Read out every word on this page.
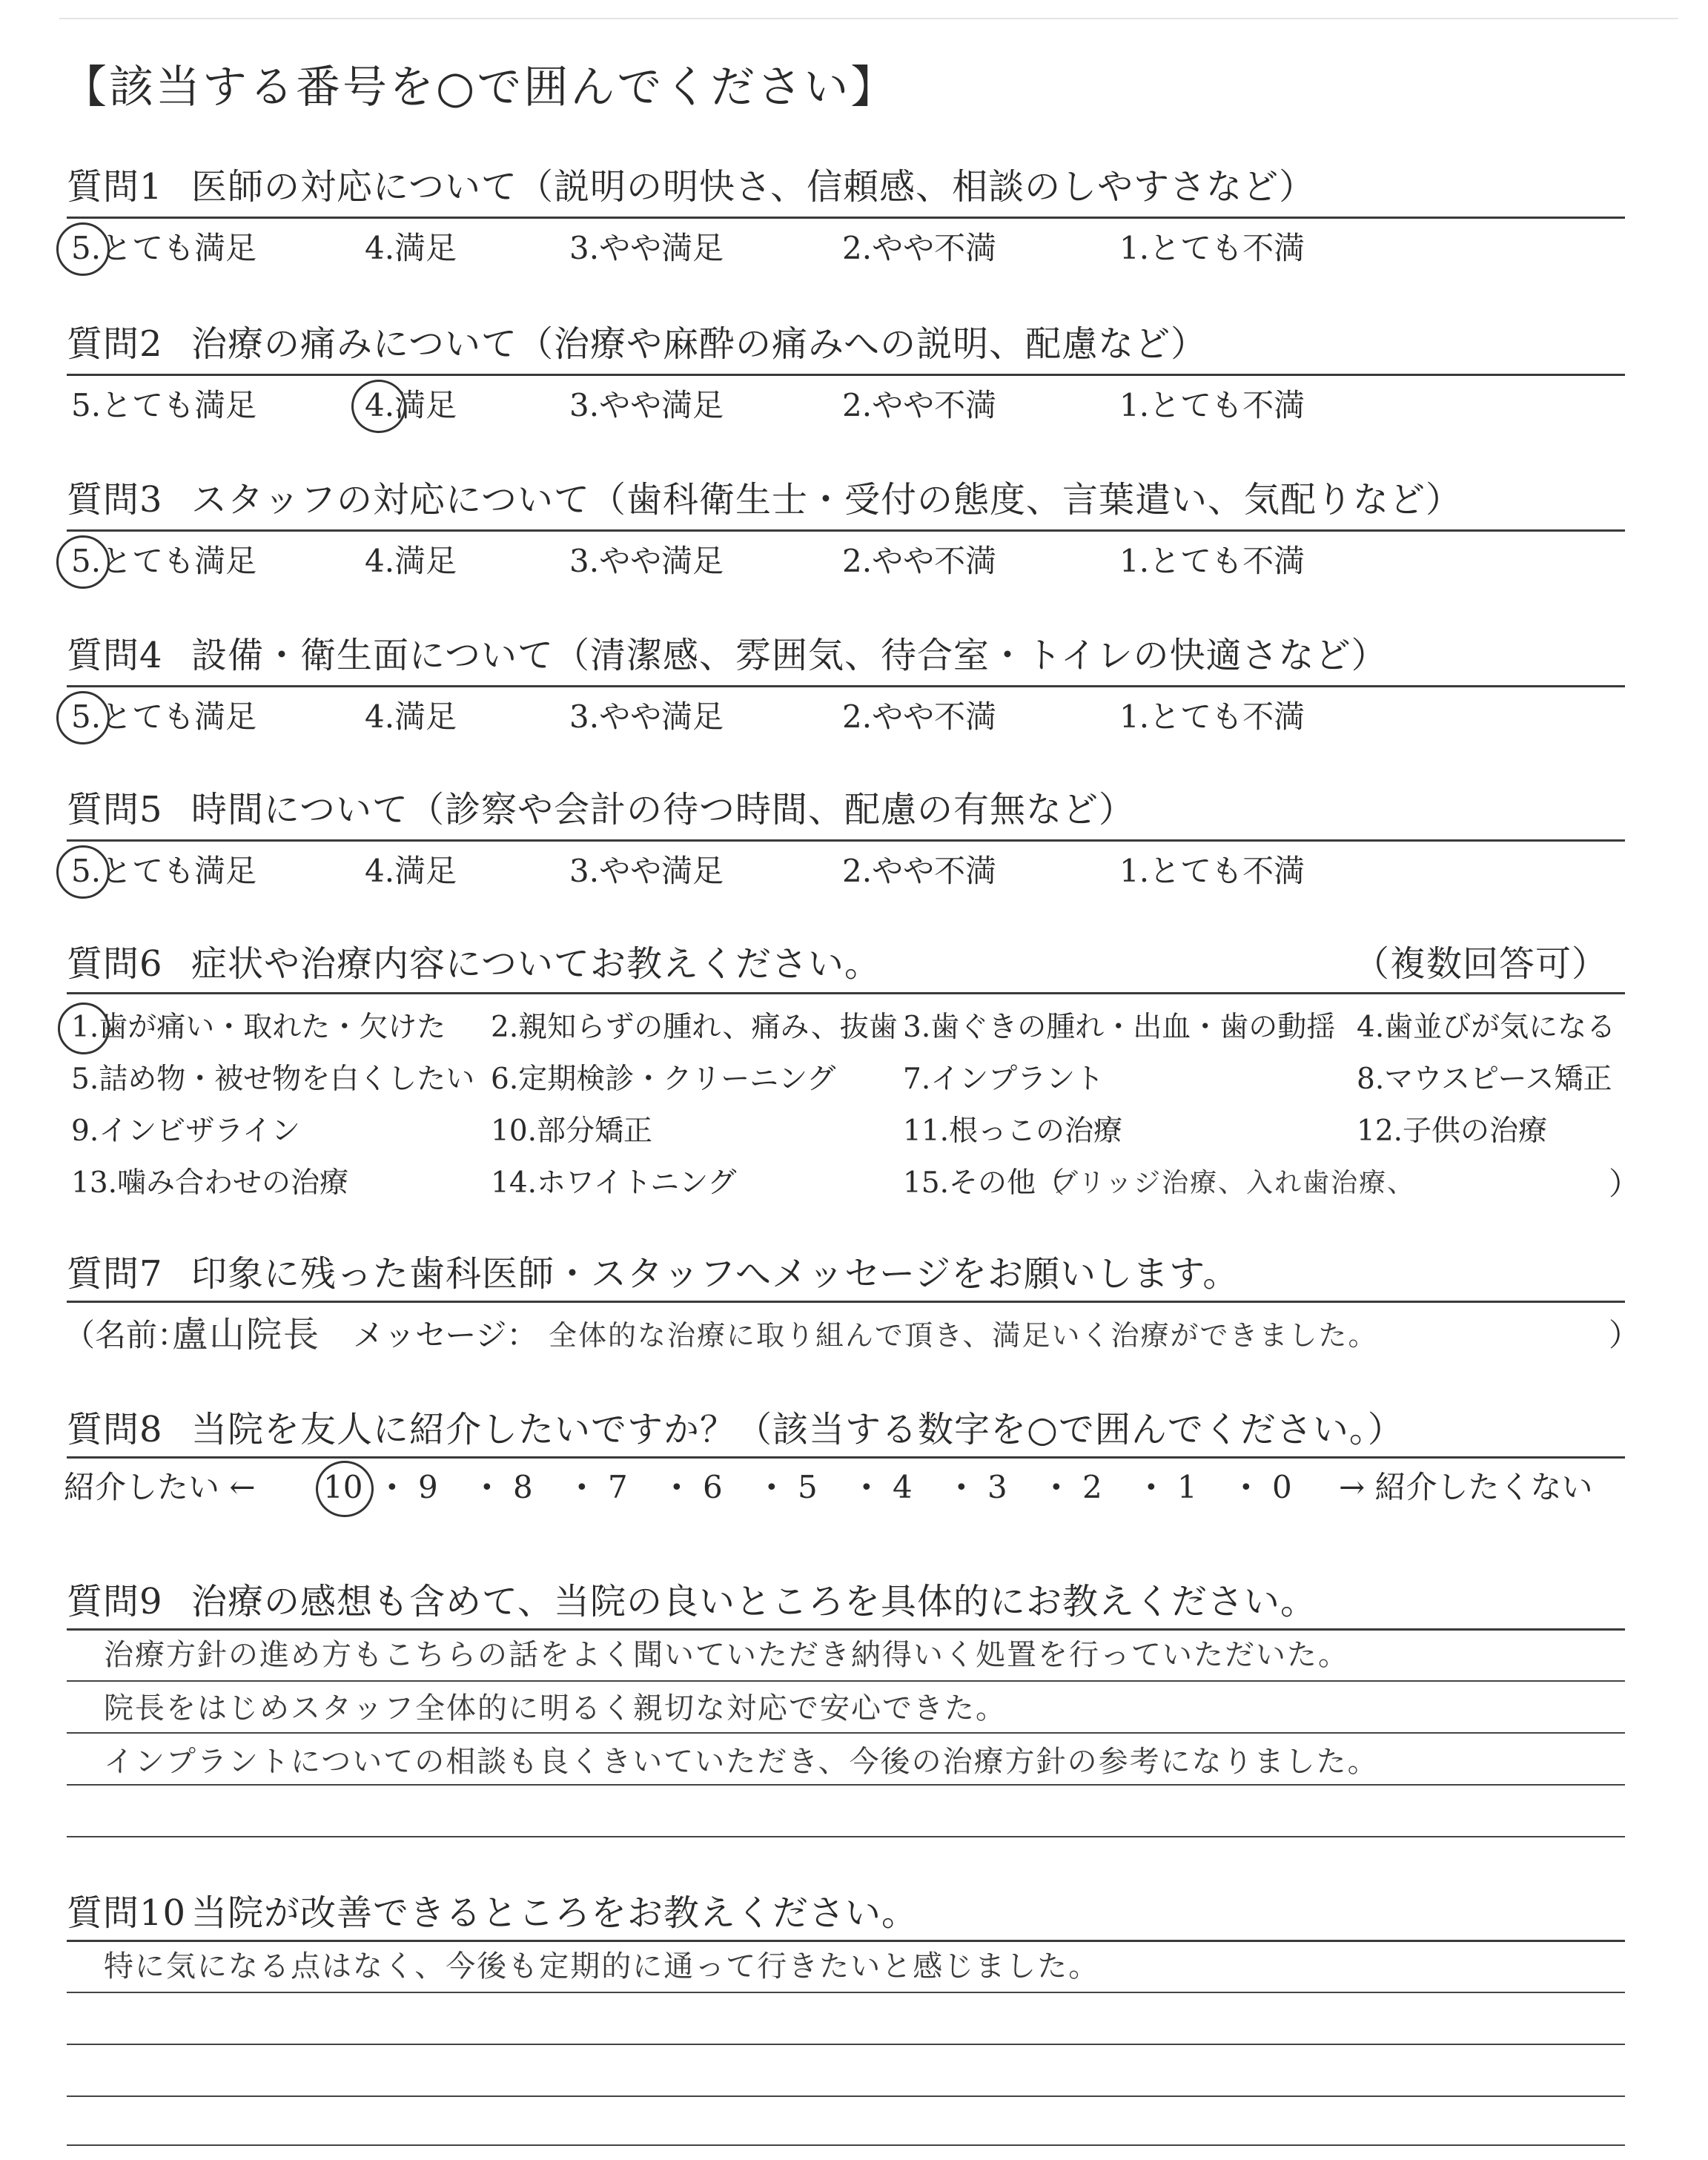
【該当する番号を○で囲んでください】
質問1 医師の対応について（説明の明快さ、信頼感、相談のしやすさなど）
5.とても満足	4.満足	3.やや満足	2.やや不満	1.とても不満
質問2 治療の痛みについて（治療や麻酔の痛みへの説明、配慮など）
5.とても満足	4.満足	3.やや満足	2.やや不満	1.とても不満
質問3 スタッフの対応について（歯科衛生士・受付の態度、言葉遣い、気配りなど）
5.とても満足	4.満足	3.やや満足	2.やや不満	1.とても不満
質問4 設備・衛生面について（清潔感、雰囲気、待合室・トイレの快適さなど）
5.とても満足	4.満足	3.やや満足	2.やや不満	1.とても不満
質問5 時間について（診察や会計の待つ時間、配慮の有無など）
5.とても満足	4.満足	3.やや満足	2.やや不満	1.とても不満
質問6 症状や治療内容についてお教えください。	（複数回答可）
1.歯が痛い・取れた・欠けた 2.親知らずの腫れ、痛み、抜歯 3.歯ぐきの腫れ・出血・歯の動揺 4.歯並びが気になる
5.詰め物・被せ物を白くしたい 6.定期検診・クリーニング 7.インプラント	8.マウスピース矯正
9.インビザライン	10.部分矯正	11.根っこの治療	12.子供の治療
13.噛み合わせの治療	14.ホワイトニング	15.その他（
ブリッジ治療、入れ歯治療、	）
質問7 印象に残った歯科医師・スタッフへメッセージをお願いします。
（名前：
盧山院長 メッセージ： 全体的な治療に取り組んで頂き、満足いく治療ができました。	）
質問8 当院を友人に紹介したいですか？（該当する数字を○で囲んでください。）
紹介したい ← 10 • 9 • 8 • 7 • 6 • 5 • 4 • 3 • 2 • 1 • 0 → 紹介したくない
質問9 治療の感想も含めて、当院の良いところを具体的にお教えください。
治療方針の進め方もこちらの話をよく聞いていただき納得いく処置を行っていただいた。
院長をはじめスタッフ全体的に明るく親切な対応で安心できた。
インプラントについての相談も良くきいていただき、今後の治療方針の参考になりました。
質問10 当院が改善できるところをお教えください。
特に気になる点はなく、今後も定期的に通って行きたいと感じました。
